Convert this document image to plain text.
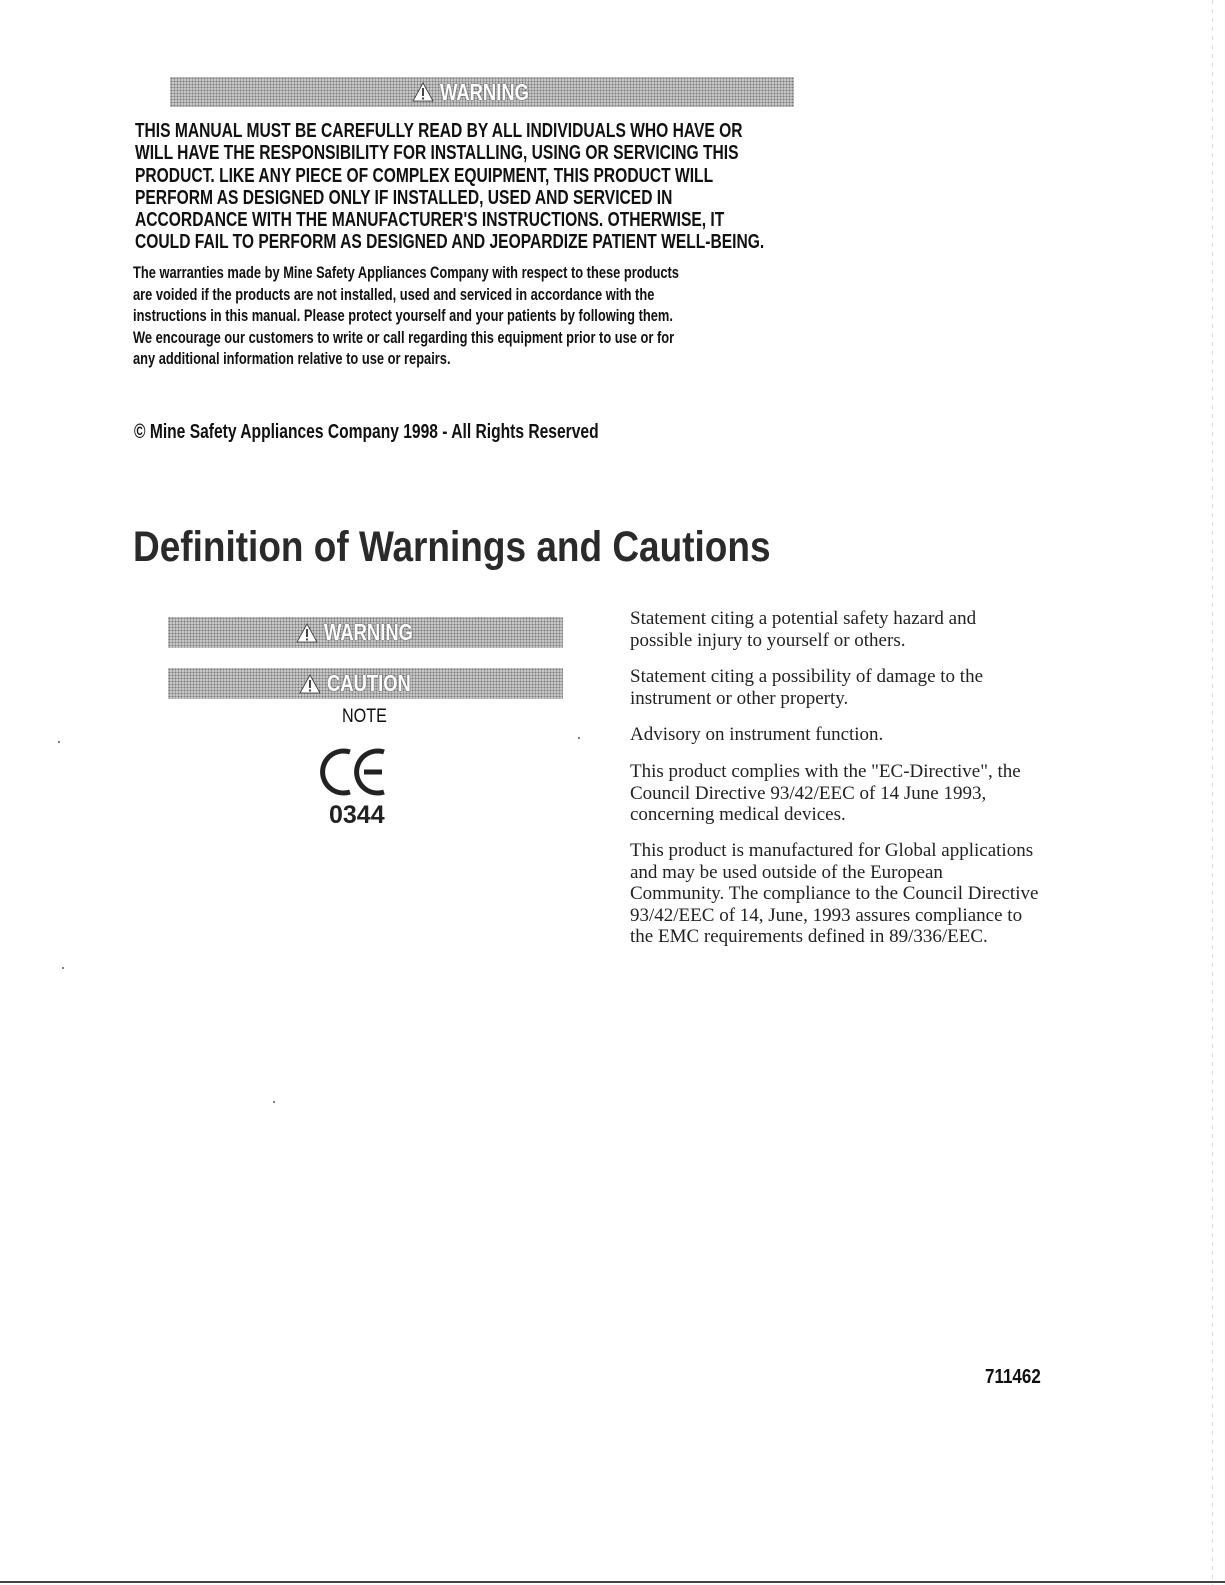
WARNING
THIS MANUAL MUST BE CAREFULLY READ BY ALL INDIVIDUALS WHO HAVE OR
WILL HAVE THE RESPONSIBILITY FOR INSTALLING, USING OR SERVICING THIS
PRODUCT. LIKE ANY PIECE OF COMPLEX EQUIPMENT, THIS PRODUCT WILL
PERFORM AS DESIGNED ONLY IF INSTALLED, USED AND SERVICED IN
ACCORDANCE WITH THE MANUFACTURER'S INSTRUCTIONS. OTHERWISE, IT
COULD FAIL TO PERFORM AS DESIGNED AND JEOPARDIZE PATIENT WELL-BEING.
The warranties made by Mine Safety Appliances Company with respect to these products
are voided if the products are not installed, used and serviced in accordance with the
instructions in this manual. Please protect yourself and your patients by following them.
We encourage our customers to write or call regarding this equipment prior to use or for
any additional information relative to use or repairs.
© Mine Safety Appliances Company 1998 - All Rights Reserved
Definition of Warnings and Cautions
WARNING
CAUTION
NOTE
0344
Statement citing a potential safety hazard and
possible injury to yourself or others.
Statement citing a possibility of damage to the
instrument or other property.
Advisory on instrument function.
This product complies with the "EC-Directive", the
Council Directive 93/42/EEC of 14 June 1993,
concerning medical devices.
This product is manufactured for Global applications
and may be used outside of the European
Community. The compliance to the Council Directive
93/42/EEC of 14, June, 1993 assures compliance to
the EMC requirements defined in 89/336/EEC.
711462
